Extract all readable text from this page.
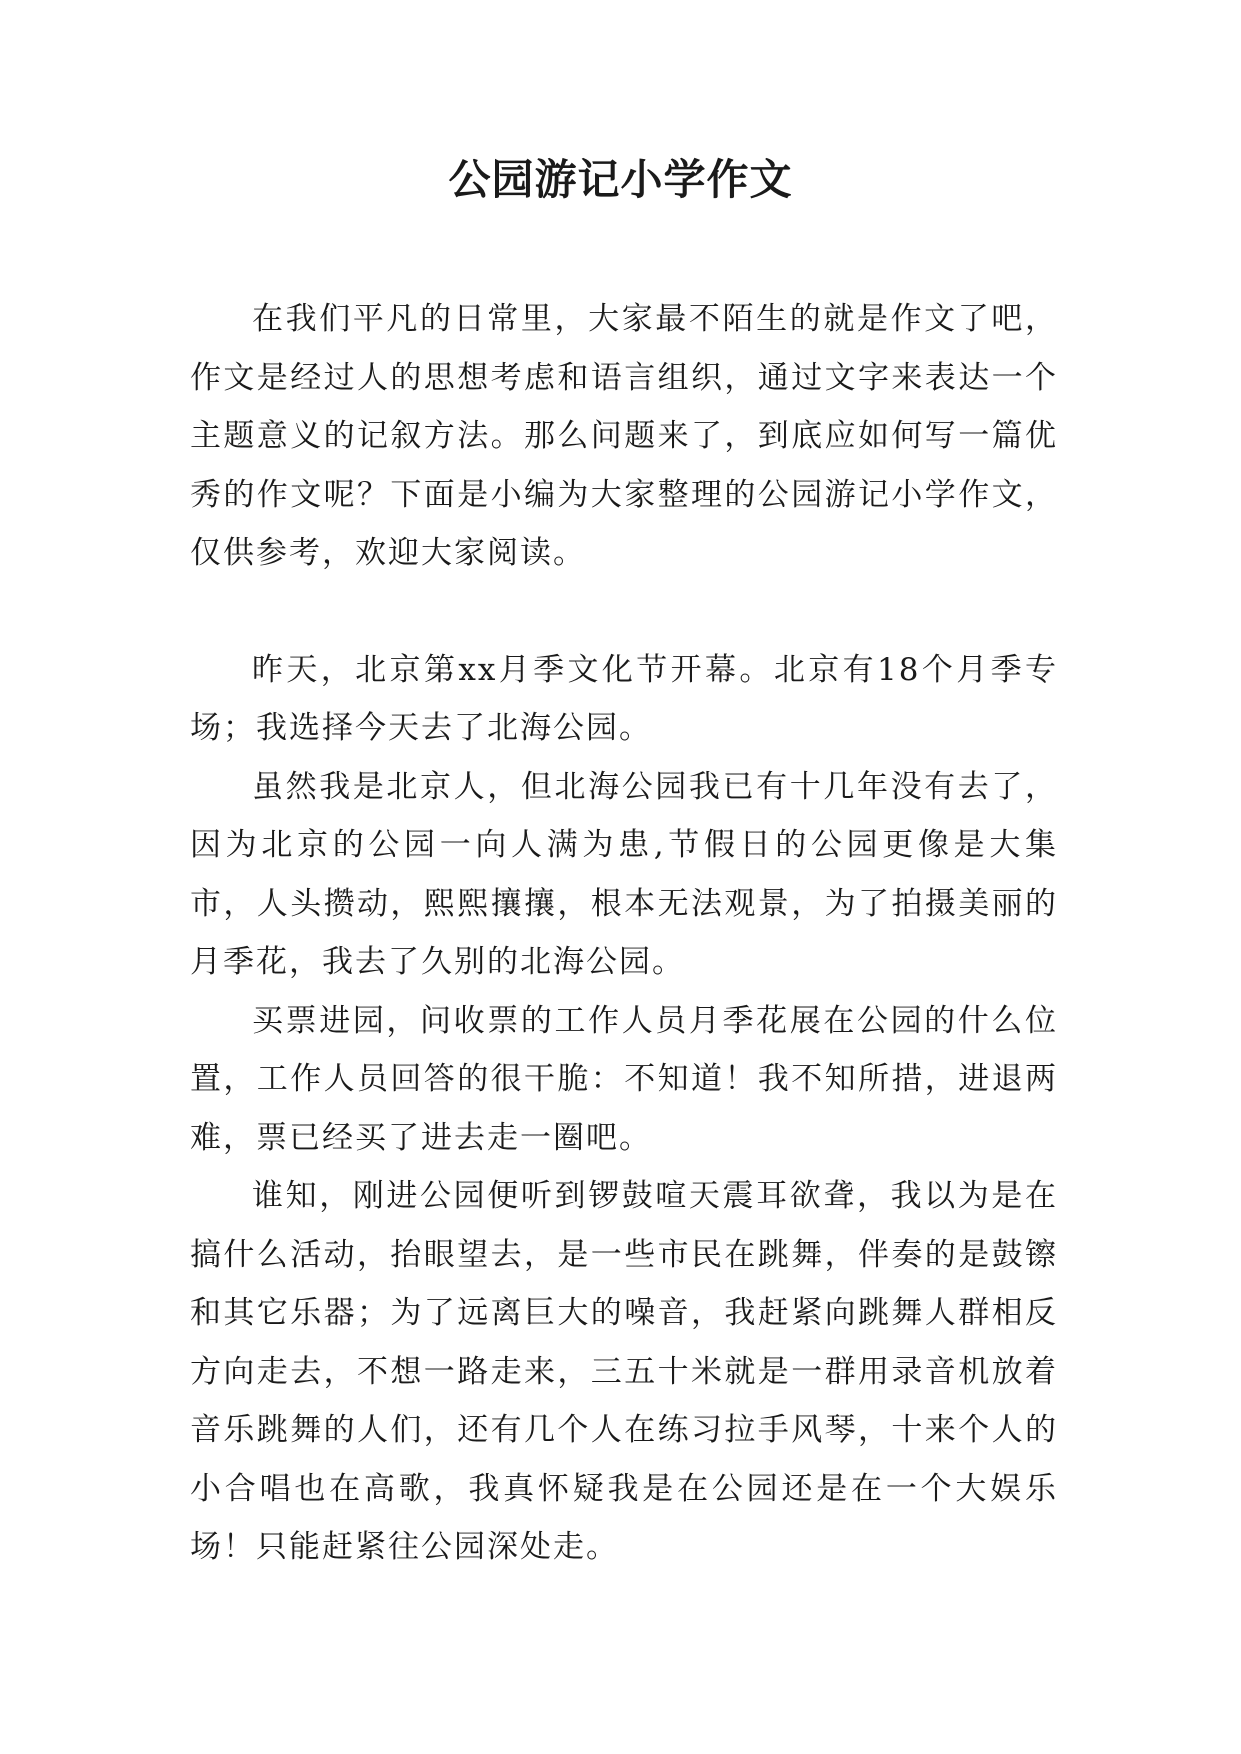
公园游记小学作文

在我们平凡的日常里，大家最不陌生的就是作文了吧，作文是经过人的思想考虑和语言组织，通过文字来表达一个主题意义的记叙方法。那么问题来了，到底应如何写一篇优秀的作文呢？下面是小编为大家整理的公园游记小学作文，仅供参考，欢迎大家阅读。

昨天，北京第xx月季文化节开幕。北京有18个月季专场；我选择今天去了北海公园。

虽然我是北京人，但北海公园我已有十几年没有去了，因为北京的公园一向人满为患,节假日的公园更像是大集市，人头攒动，熙熙攘攘，根本无法观景，为了拍摄美丽的月季花，我去了久别的北海公园。

买票进园，问收票的工作人员月季花展在公园的什么位置，工作人员回答的很干脆：不知道！我不知所措，进退两难，票已经买了进去走一圈吧。

谁知，刚进公园便听到锣鼓喧天震耳欲聋，我以为是在搞什么活动，抬眼望去，是一些市民在跳舞，伴奏的是鼓镲和其它乐器；为了远离巨大的噪音，我赶紧向跳舞人群相反方向走去，不想一路走来，三五十米就是一群用录音机放着音乐跳舞的人们，还有几个人在练习拉手风琴，十来个人的小合唱也在高歌，我真怀疑我是在公园还是在一个大娱乐场！只能赶紧往公园深处走。
